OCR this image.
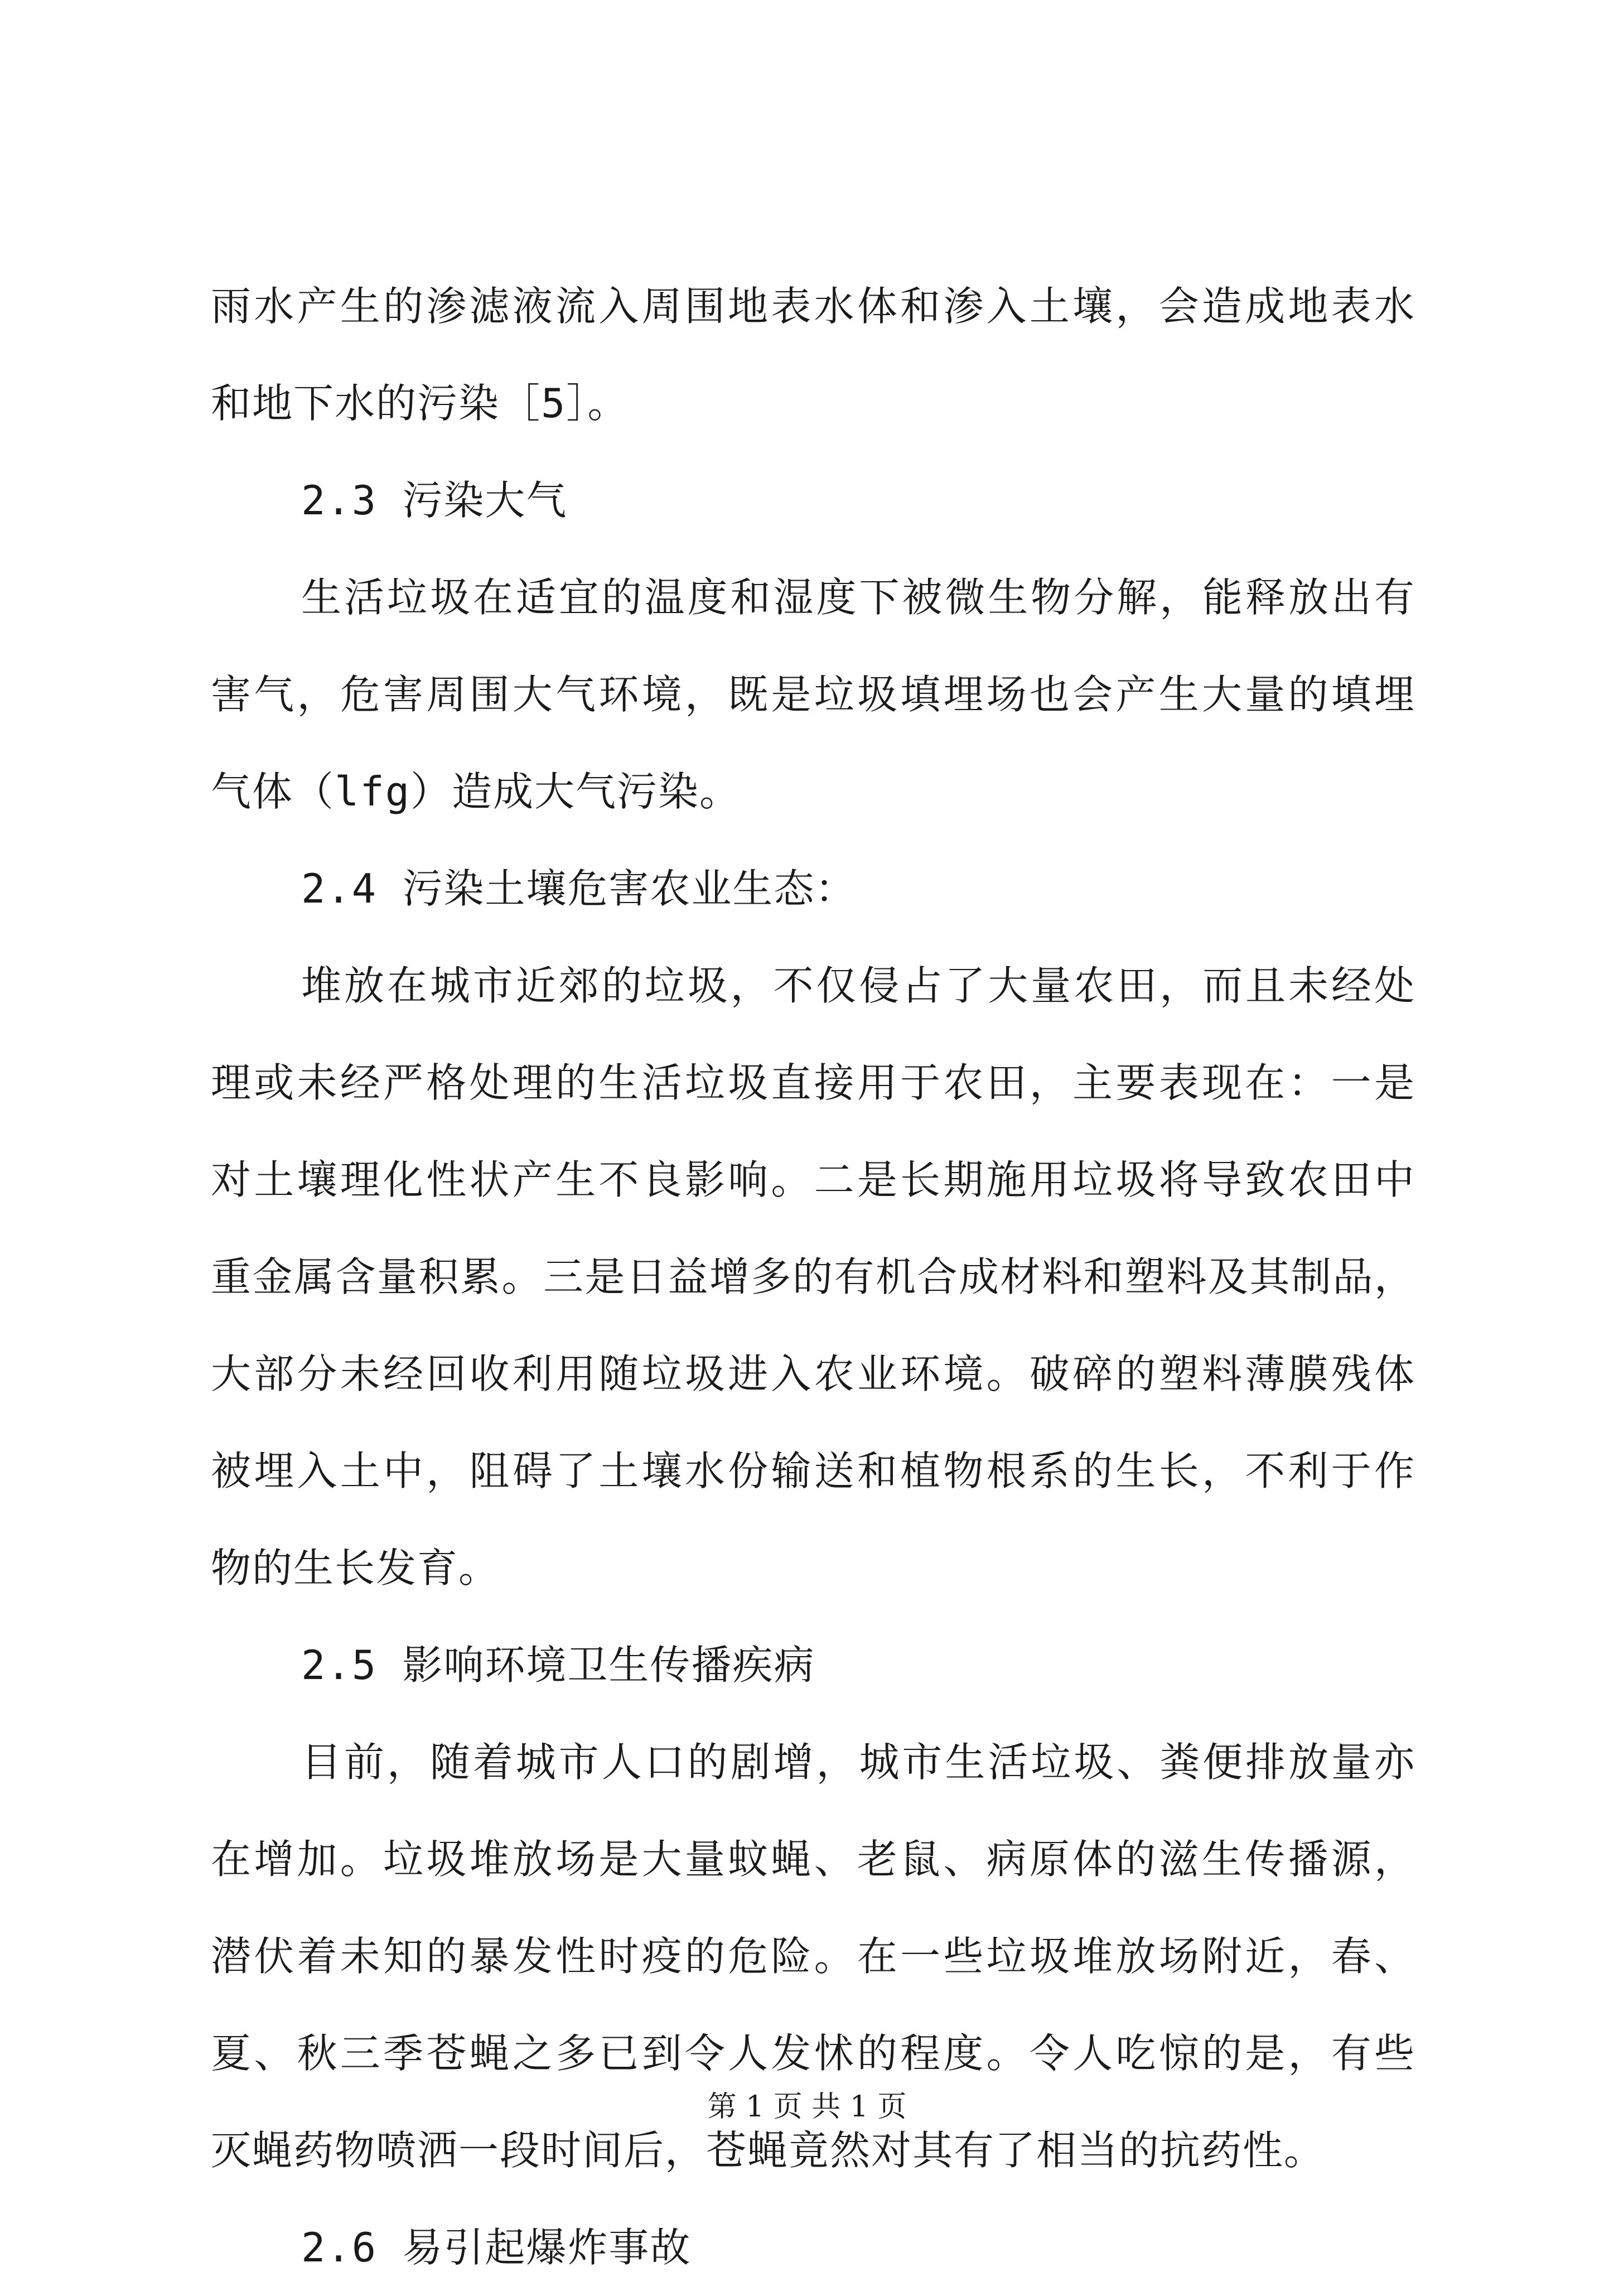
雨水产生的渗滤液流入周围地表水体和渗入土壤，会造成地表水
和地下水的污染［5］。
2.3 污染大气
生活垃圾在适宜的温度和湿度下被微生物分解，能释放出有
害气，危害周围大气环境，既是垃圾填埋场也会产生大量的填埋
气体（lfg）造成大气污染。
2.4 污染土壤危害农业生态：
堆放在城市近郊的垃圾，不仅侵占了大量农田，而且未经处
理或未经严格处理的生活垃圾直接用于农田，主要表现在：一是
对土壤理化性状产生不良影响。二是长期施用垃圾将导致农田中
重金属含量积累。三是日益增多的有机合成材料和塑料及其制品，
大部分未经回收利用随垃圾进入农业环境。破碎的塑料薄膜残体
被埋入土中，阻碍了土壤水份输送和植物根系的生长，不利于作
物的生长发育。
2.5 影响环境卫生传播疾病
目前，随着城市人口的剧增，城市生活垃圾、粪便排放量亦
在增加。垃圾堆放场是大量蚊蝇、老鼠、病原体的滋生传播源，
潜伏着未知的暴发性时疫的危险。在一些垃圾堆放场附近，春、
夏、秋三季苍蝇之多已到令人发怵的程度。令人吃惊的是，有些
灭蝇药物喷洒一段时间后，苍蝇竟然对其有了相当的抗药性。
2.6 易引起爆炸事故
第 1 页 共 1 页
